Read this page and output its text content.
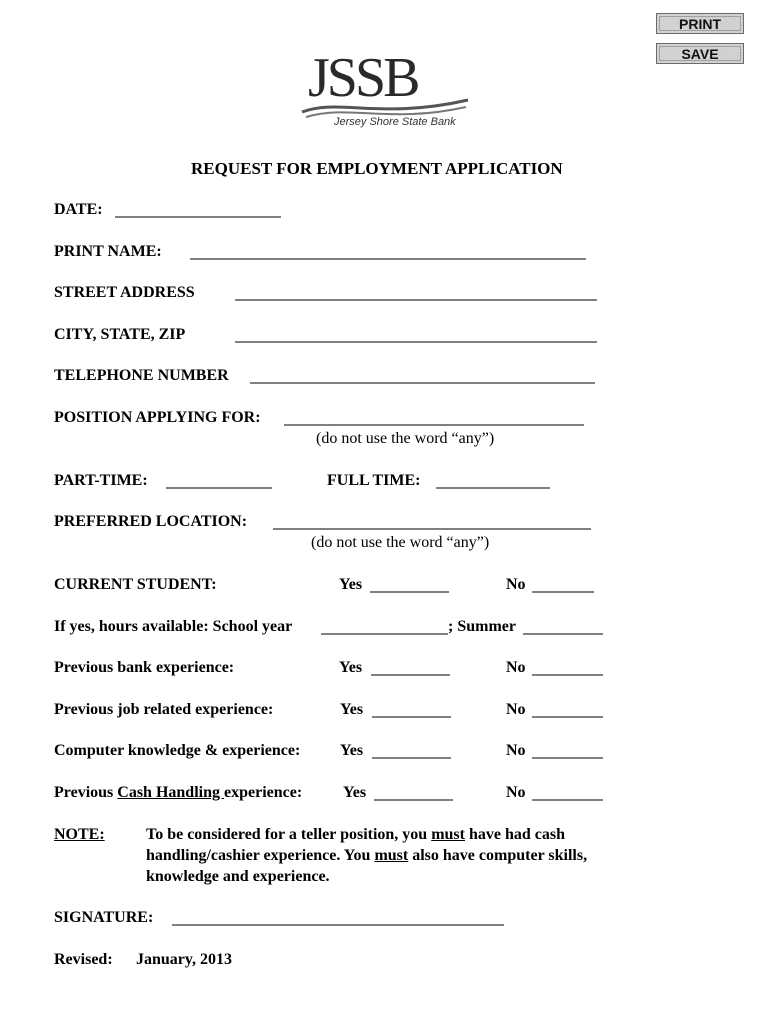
PRINT
SAVE
JSSB
Jersey Shore State Bank
REQUEST FOR EMPLOYMENT APPLICATION
DATE:
PRINT NAME:
STREET ADDRESS
CITY, STATE, ZIP
TELEPHONE NUMBER
POSITION APPLYING FOR:
(do not use the word “any”)
PART-TIME:	FULL TIME:
PREFERRED LOCATION:
(do not use the word “any”)
CURRENT STUDENT:	Yes	No
If yes, hours available: School year	; Summer
Previous bank experience:	Yes	No
Previous job related experience:	Yes	No
Computer knowledge & experience: Yes	No
Previous Cash Handling experience:	Yes	No
NOTE:	To be considered for a teller position, you must have had cash
handling/cashier experience. You must also have computer skills,
knowledge and experience.
SIGNATURE:
Revised: January, 2013
